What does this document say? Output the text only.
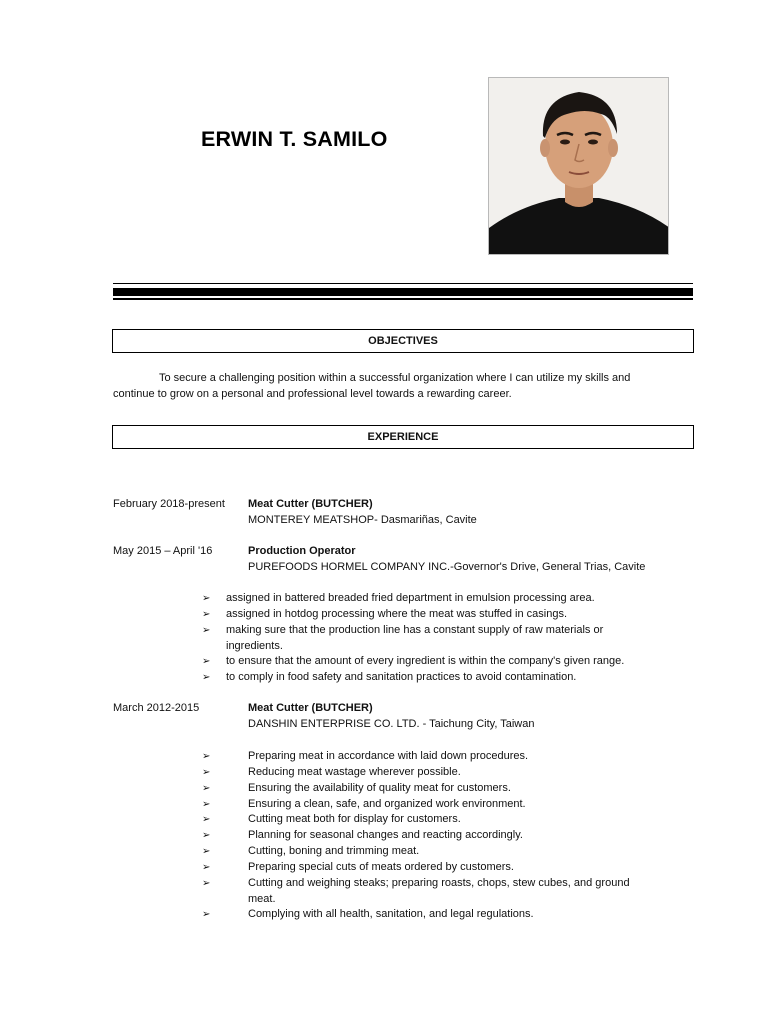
ERWIN T. SAMILO
OBJECTIVES

To secure a challenging position within a successful organization where I can utilize my skills and continue to grow on a personal and professional level towards a rewarding career.

EXPERIENCE
February 2018-present Meat Cutter (BUTCHER)
MONTEREY MEATSHOP- Dasmariñas, Cavite
May 2015 – April '16	Production Operator
PUREFOODS HORMEL COMPANY INC.-Governor's Drive, General Trias, Cavite
➢	assigned in battered breaded fried department in emulsion processing area.
➢	assigned in hotdog processing where the meat was stuffed in casings.
➢	making sure that the production line has a constant supply of raw materials or ingredients.
➢	to ensure that the amount of every ingredient is within the company's given range.
➢	to comply in food safety and sanitation practices to avoid contamination.
March 2012-2015	Meat Cutter (BUTCHER)
DANSHIN ENTERPRISE CO. LTD. - Taichung City, Taiwan
➢	Preparing meat in accordance with laid down procedures.
➢	Reducing meat wastage wherever possible.
➢	Ensuring the availability of quality meat for customers.
➢	Ensuring a clean, safe, and organized work environment.
➢	Cutting meat both for display for customers.
➢	Planning for seasonal changes and reacting accordingly.
➢	Cutting, boning and trimming meat.
➢	Preparing special cuts of meats ordered by customers.
➢	Cutting and weighing steaks; preparing roasts, chops, stew cubes, and ground meat.
➢	Complying with all health, sanitation, and legal regulations.
